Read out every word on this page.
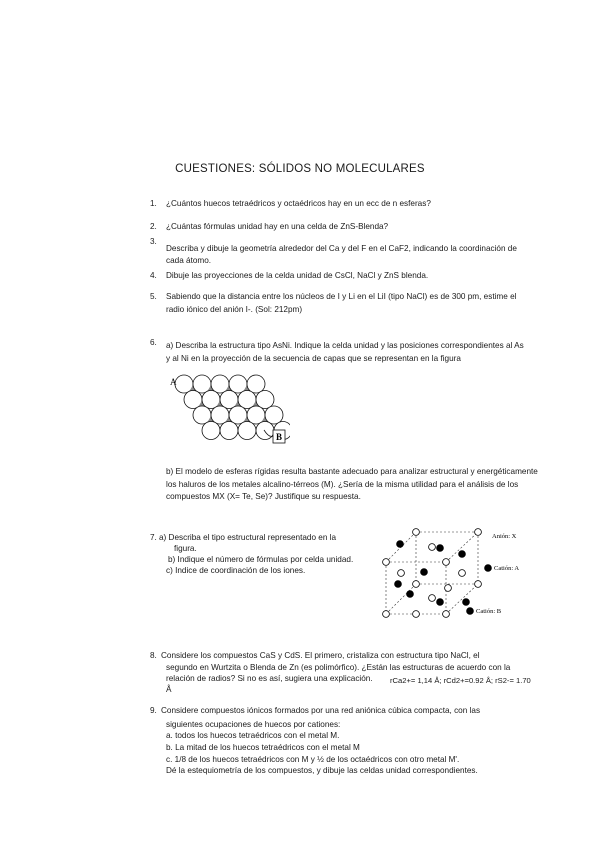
CUESTIONES: SÓLIDOS NO MOLECULARES
1. ¿Cuántos huecos tetraédricos y octaédricos hay en un ecc de n esferas?
2. ¿Cuántas fórmulas unidad hay en una celda de ZnS-Blenda?
3.
Describa y dibuje la geometría alrededor del Ca y del F en el CaF2, indicando la coordinación de
cada átomo.
4. Dibuje las proyecciones de la celda unidad de CsCl, NaCl y ZnS blenda.
5. Sabiendo que la distancia entre los núcleos de I y Li en el LiI (tipo NaCl) es de 300 pm, estime el
radio iónico del anión I-. (Sol: 212pm)
6. a) Describa la estructura tipo AsNi. Indique la celda unidad y las posiciones correspondientes al As
y al Ni en la proyección de la secuencia de capas que se representan en la figura
A
B
b) El modelo de esferas rígidas resulta bastante adecuado para analizar estructural y energéticamente
los haluros de los metales alcalino-térreos (M). ¿Sería de la misma utilidad para el análisis de los
compuestos MX (X= Te, Se)? Justifique su respuesta.
7. a) Describa el tipo estructural representado en la
figura.
b) Indique el número de fórmulas por celda unidad.
c) Indice de coordinación de los iones.
Anión: X
Catión: A
Catión: B
8. Considere los compuestos CaS y CdS. El primero, cristaliza con estructura tipo NaCl, el
segundo en Wurtzita o Blenda de Zn (es polimórfico). ¿Están las estructuras de acuerdo con la
relación de radios? Si no es así, sugiera una explicación. rCa2+= 1,14 Å; rCd2+=0.92 Å; rS2-= 1.70
Å
9. Considere compuestos iónicos formados por una red aniónica cúbica compacta, con las
siguientes ocupaciones de huecos por cationes:
a. todos los huecos tetraédricos con el metal M.
b. La mitad de los huecos tetraédricos con el metal M
c. 1/8 de los huecos tetraédricos con M y ½ de los octaédricos con otro metal M'.
Dé la estequiometría de los compuestos, y dibuje las celdas unidad correspondientes.
